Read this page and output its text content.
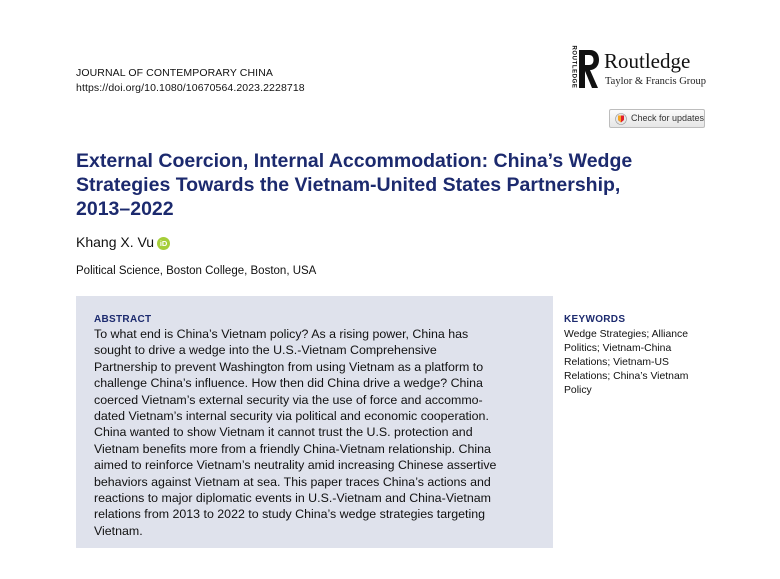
JOURNAL OF CONTEMPORARY CHINA
https://doi.org/10.1080/10670564.2023.2228718	ROUTLEDGE Routledge
Taylor & Francis Group
Check for updates
External Coercion, Internal Accommodation: China’s Wedge
Strategies Towards the Vietnam-United States Partnership,
2013–2022
Khang X. Vu iD
Political Science, Boston College, Boston, USA
ABSTRACT
To what end is China’s Vietnam policy? As a rising power, China has
sought to drive a wedge into the U.S.-Vietnam Comprehensive
Partnership to prevent Washington from using Vietnam as a platform to
challenge China’s influence. How then did China drive a wedge? China
coerced Vietnam’s external security via the use of force and accommo-
dated Vietnam’s internal security via political and economic cooperation.
China wanted to show Vietnam it cannot trust the U.S. protection and
Vietnam benefits more from a friendly China-Vietnam relationship. China
aimed to reinforce Vietnam’s neutrality amid increasing Chinese assertive
behaviors against Vietnam at sea. This paper traces China’s actions and
reactions to major diplomatic events in U.S.-Vietnam and China-Vietnam
relations from 2013 to 2022 to study China’s wedge strategies targeting
Vietnam.
KEYWORDS
Wedge Strategies; Alliance
Politics; Vietnam-China
Relations; Vietnam-US
Relations; China’s Vietnam
Policy
